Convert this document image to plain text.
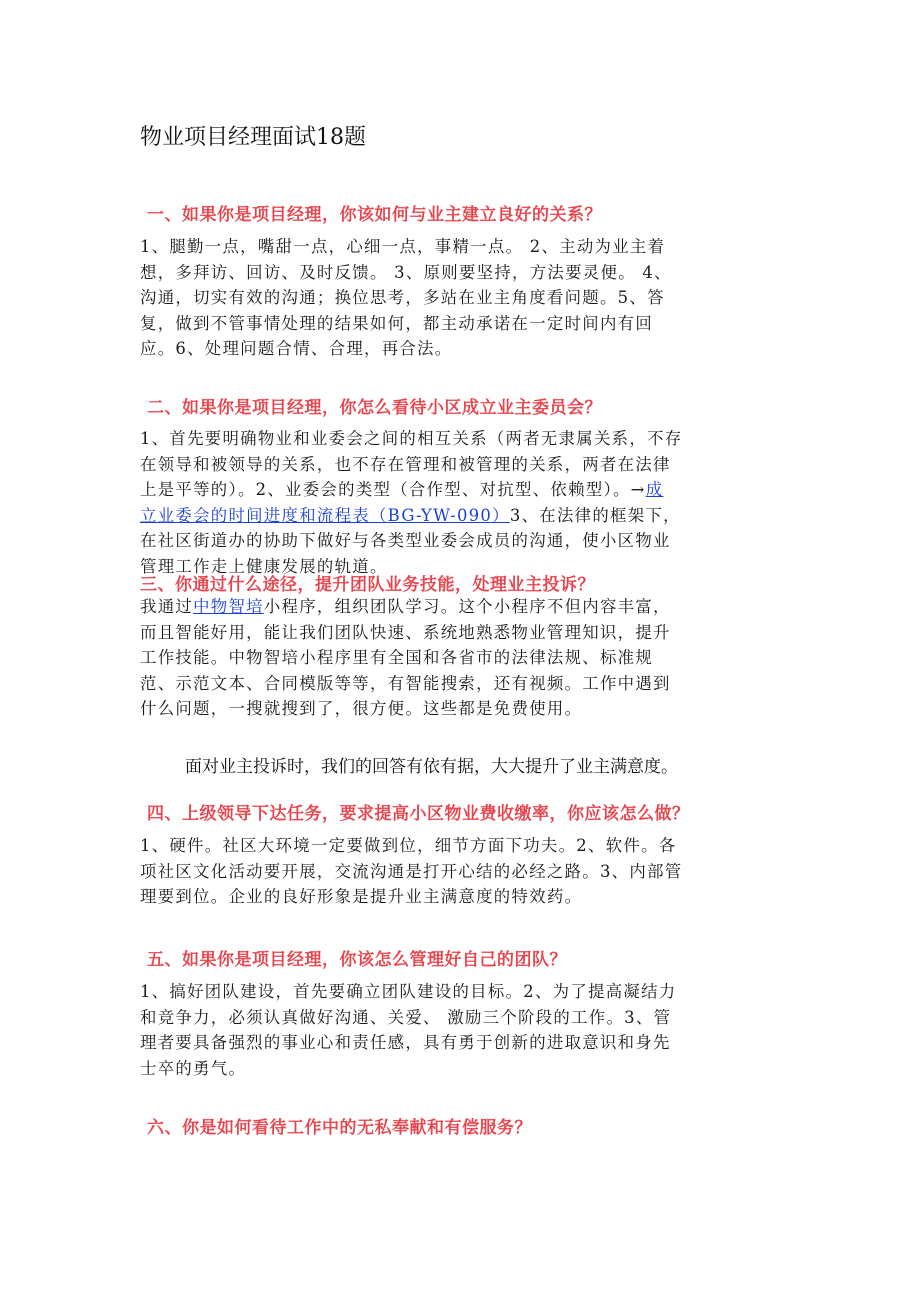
物业项目经理面试18题
一、如果你是项目经理，你该如何与业主建立良好的关系？
1、腿勤一点，嘴甜一点，心细一点，事精一点。 2、主动为业主着
想，多拜访、回访、及时反馈。 3、原则要坚持，方法要灵便。 4、
沟通，切实有效的沟通；换位思考，多站在业主角度看问题。5、答
复，做到不管事情处理的结果如何，都主动承诺在一定时间内有回
应。6、处理问题合情、合理，再合法。
二、如果你是项目经理，你怎么看待小区成立业主委员会？
1、首先要明确物业和业委会之间的相互关系（两者无隶属关系，不存
在领导和被领导的关系，也不存在管理和被管理的关系，两者在法律
上是平等的）。2、业委会的类型（合作型、对抗型、依赖型）。→成
立业委会的时间进度和流程表（BG-YW-090）3、在法律的框架下，
在社区街道办的协助下做好与各类型业委会成员的沟通，使小区物业
管理工作走上健康发展的轨道。
三、你通过什么途径，提升团队业务技能，处理业主投诉？
我通过中物智培小程序，组织团队学习。这个小程序不但内容丰富，
而且智能好用，能让我们团队快速、系统地熟悉物业管理知识，提升
工作技能。中物智培小程序里有全国和各省市的法律法规、标准规
范、示范文本、合同模版等等，有智能搜索，还有视频。工作中遇到
什么问题，一搜就搜到了，很方便。这些都是免费使用。
面对业主投诉时，我们的回答有依有据，大大提升了业主满意度。
四、上级领导下达任务，要求提高小区物业费收缴率，你应该怎么做？
1、硬件。社区大环境一定要做到位，细节方面下功夫。2、软件。各
项社区文化活动要开展，交流沟通是打开心结的必经之路。3、内部管
理要到位。企业的良好形象是提升业主满意度的特效药。
五、如果你是项目经理，你该怎么管理好自己的团队？
1、搞好团队建设，首先要确立团队建设的目标。2、为了提高凝结力
和竞争力，必须认真做好沟通、关爱、 激励三个阶段的工作。3、管
理者要具备强烈的事业心和责任感，具有勇于创新的进取意识和身先
士卒的勇气。
六、你是如何看待工作中的无私奉献和有偿服务？
